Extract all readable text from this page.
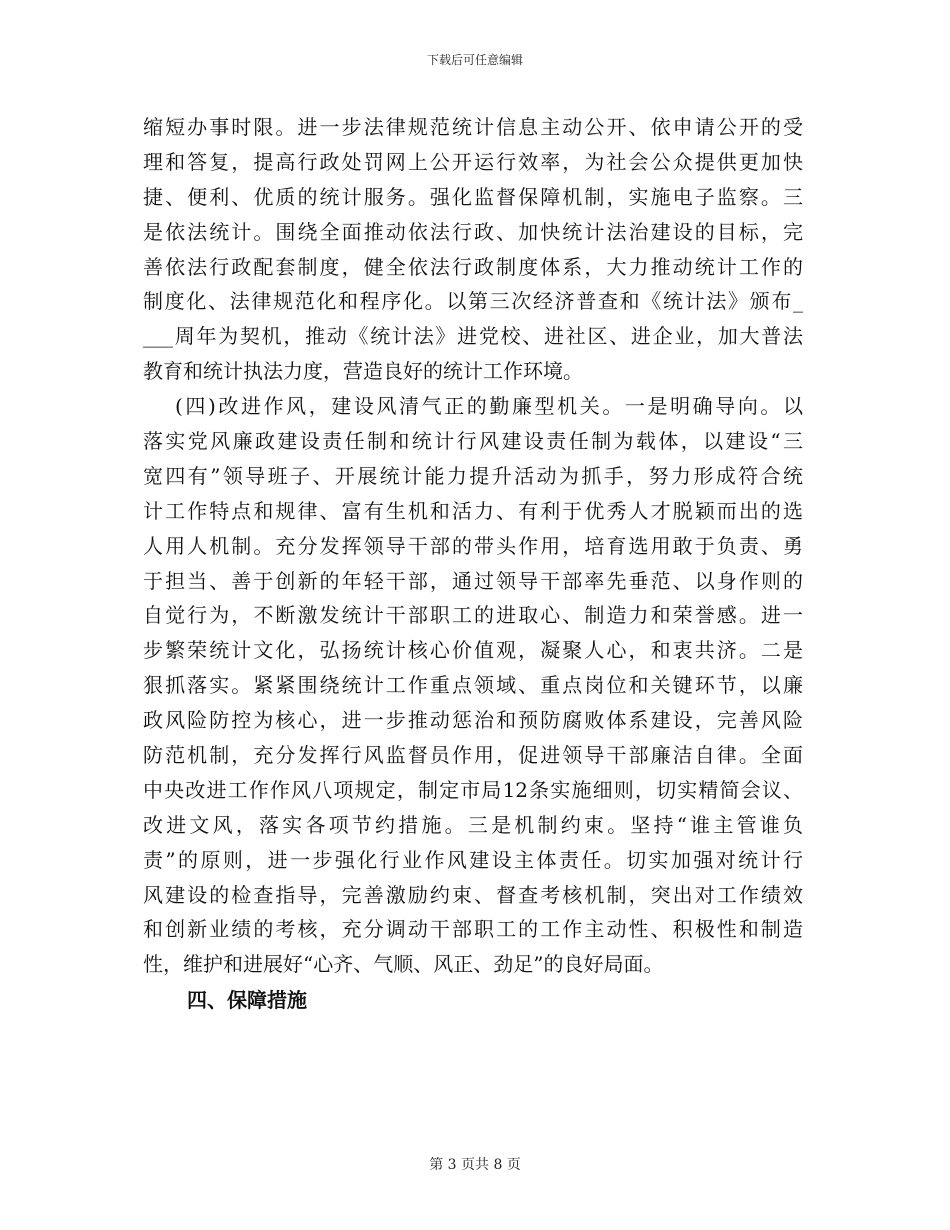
下载后可任意编辑
缩短办事时限。进一步法律规范统计信息主动公开、依申请公开的受
理和答复，提高行政处罚网上公开运行效率，为社会公众提供更加快
捷、便利、优质的统计服务。强化监督保障机制，实施电子监察。三
是依法统计。围绕全面推动依法行政、加快统计法治建设的目标，完
善依法行政配套制度，健全依法行政制度体系，大力推动统计工作的
制度化、法律规范化和程序化。以第三次经济普查和《统计法》颁布_
___周年为契机，推动《统计法》进党校、进社区、进企业，加大普法
教育和统计执法力度，营造良好的统计工作环境。
(四)改进作风，建设风清气正的勤廉型机关。一是明确导向。以
落实党风廉政建设责任制和统计行风建设责任制为载体，以建设“三
宽四有”领导班子、开展统计能力提升活动为抓手，努力形成符合统
计工作特点和规律、富有生机和活力、有利于优秀人才脱颖而出的选
人用人机制。充分发挥领导干部的带头作用，培育选用敢于负责、勇
于担当、善于创新的年轻干部，通过领导干部率先垂范、以身作则的
自觉行为，不断激发统计干部职工的进取心、制造力和荣誉感。进一
步繁荣统计文化，弘扬统计核心价值观，凝聚人心，和衷共济。二是
狠抓落实。紧紧围绕统计工作重点领域、重点岗位和关键环节，以廉
政风险防控为核心，进一步推动惩治和预防腐败体系建设，完善风险
防范机制，充分发挥行风监督员作用，促进领导干部廉洁自律。全面
中央改进工作作风八项规定，制定市局12条实施细则，切实精简会议、
改进文风，落实各项节约措施。三是机制约束。坚持“谁主管谁负
责”的原则，进一步强化行业作风建设主体责任。切实加强对统计行
风建设的检查指导，完善激励约束、督查考核机制，突出对工作绩效
和创新业绩的考核，充分调动干部职工的工作主动性、积极性和制造
性，维护和进展好“心齐、气顺、风正、劲足”的良好局面。
四、保障措施
第 3 页共 8 页
